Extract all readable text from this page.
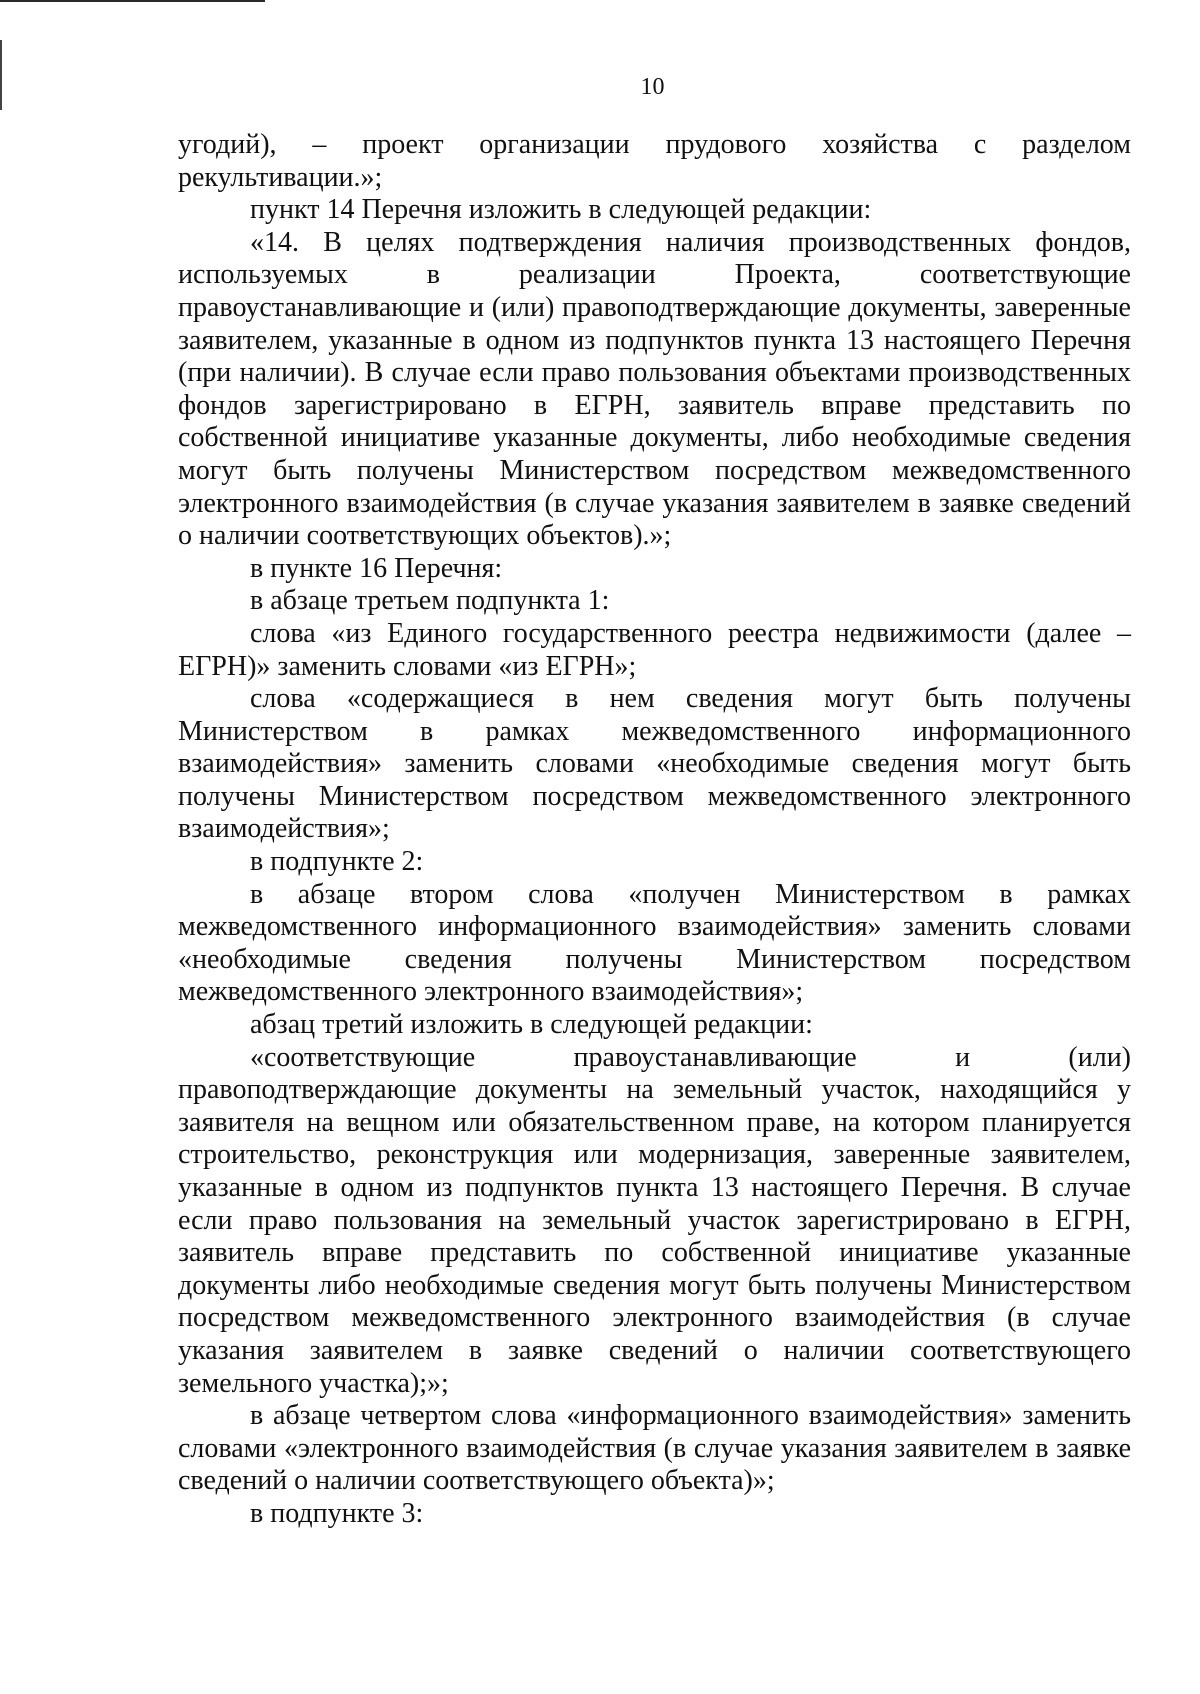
10

угодий), – проект организации прудового хозяйства с разделом рекультивации.»;

пункт 14 Перечня изложить в следующей редакции:

«14. В целях подтверждения наличия производственных фондов, используемых в реализации Проекта, соответствующие правоустанавливающие и (или) правоподтверждающие документы, заверенные заявителем, указанные в одном из подпунктов пункта 13 настоящего Перечня (при наличии). В случае если право пользования объектами производственных фондов зарегистрировано в ЕГРН, заявитель вправе представить по собственной инициативе указанные документы, либо необходимые сведения могут быть получены Министерством посредством межведомственного электронного взаимодействия (в случае указания заявителем в заявке сведений о наличии соответствующих объектов).»;

в пункте 16 Перечня:

в абзаце третьем подпункта 1:

слова «из Единого государственного реестра недвижимости (далее – ЕГРН)» заменить словами «из ЕГРН»;

слова «содержащиеся в нем сведения могут быть получены Министерством в рамках межведомственного информационного взаимодействия» заменить словами «необходимые сведения могут быть получены Министерством посредством межведомственного электронного взаимодействия»;

в подпункте 2:

в абзаце втором слова «получен Министерством в рамках межведомственного информационного взаимодействия» заменить словами «необходимые сведения получены Министерством посредством межведомственного электронного взаимодействия»;

абзац третий изложить в следующей редакции:

«соответствующие правоустанавливающие и (или) правоподтверждающие документы на земельный участок, находящийся у заявителя на вещном или обязательственном праве, на котором планируется строительство, реконструкция или модернизация, заверенные заявителем, указанные в одном из подпунктов пункта 13 настоящего Перечня. В случае если право пользования на земельный участок зарегистрировано в ЕГРН, заявитель вправе представить по собственной инициативе указанные документы либо необходимые сведения могут быть получены Министерством посредством межведомственного электронного взаимодействия (в случае указания заявителем в заявке сведений о наличии соответствующего земельного участка);»;

в абзаце четвертом слова «информационного взаимодействия» заменить словами «электронного взаимодействия (в случае указания заявителем в заявке сведений о наличии соответствующего объекта)»;

в подпункте 3:
